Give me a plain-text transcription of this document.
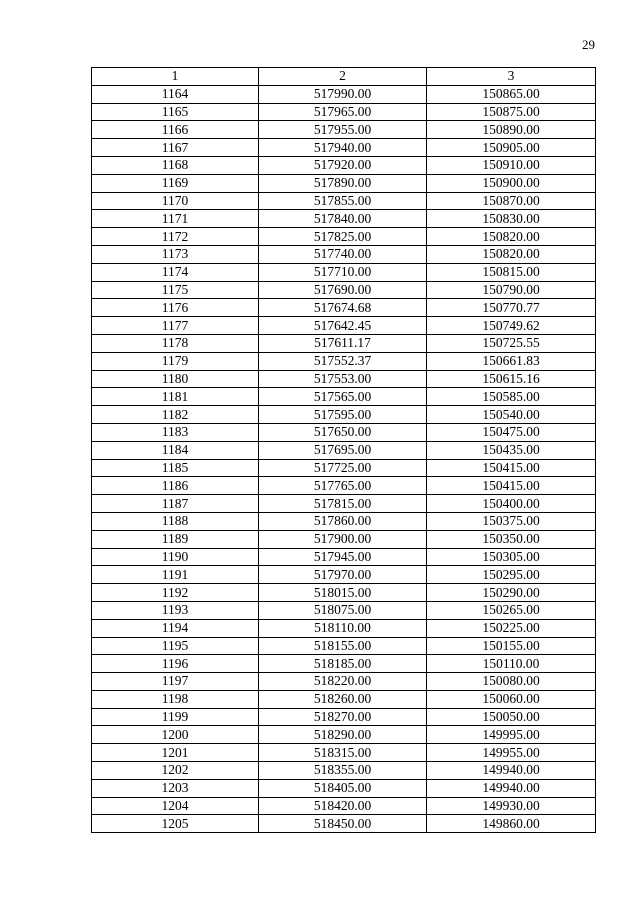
29
1	2	3
1164	517990.00	150865.00
1165	517965.00	150875.00
1166	517955.00	150890.00
1167	517940.00	150905.00
1168	517920.00	150910.00
1169	517890.00	150900.00
1170	517855.00	150870.00
1171	517840.00	150830.00
1172	517825.00	150820.00
1173	517740.00	150820.00
1174	517710.00	150815.00
1175	517690.00	150790.00
1176	517674.68	150770.77
1177	517642.45	150749.62
1178	517611.17	150725.55
1179	517552.37	150661.83
1180	517553.00	150615.16
1181	517565.00	150585.00
1182	517595.00	150540.00
1183	517650.00	150475.00
1184	517695.00	150435.00
1185	517725.00	150415.00
1186	517765.00	150415.00
1187	517815.00	150400.00
1188	517860.00	150375.00
1189	517900.00	150350.00
1190	517945.00	150305.00
1191	517970.00	150295.00
1192	518015.00	150290.00
1193	518075.00	150265.00
1194	518110.00	150225.00
1195	518155.00	150155.00
1196	518185.00	150110.00
1197	518220.00	150080.00
1198	518260.00	150060.00
1199	518270.00	150050.00
1200	518290.00	149995.00
1201	518315.00	149955.00
1202	518355.00	149940.00
1203	518405.00	149940.00
1204	518420.00	149930.00
1205	518450.00	149860.00
